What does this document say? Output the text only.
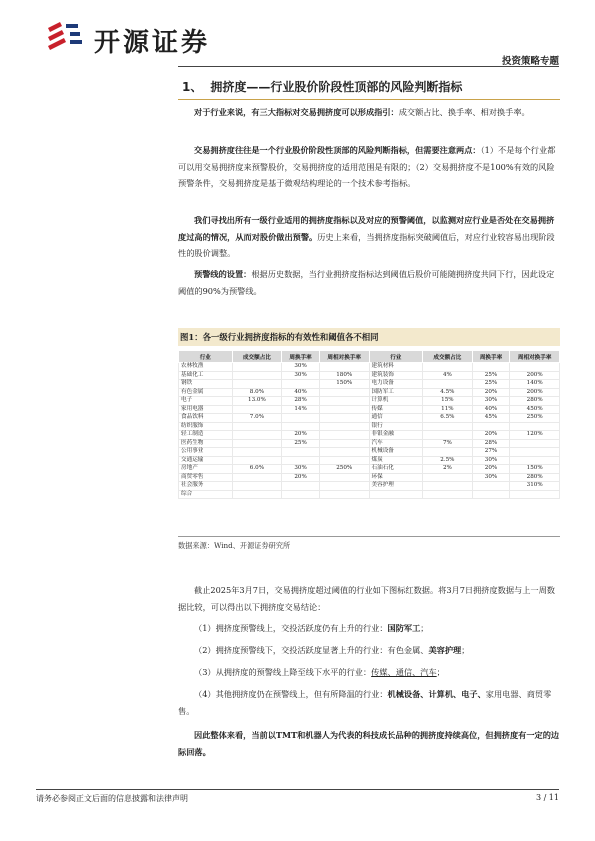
开源证券
投资策略专题
1、 拥挤度——行业股价阶段性顶部的风险判断指标
对于行业来说，有三大指标对交易拥挤度可以形成指引：成交额占比、换手率、相对换手率。
交易拥挤度往往是一个行业股价阶段性顶部的风险判断指标，但需要注意两点：（1）不是每个行业都可以用交易拥挤度来预警股价，交易拥挤度的适用范围是有限的；（2）交易拥挤度不是100%有效的风险预警条件，交易拥挤度是基于微观结构理论的一个技术参考指标。
我们寻找出所有一级行业适用的拥挤度指标以及对应的预警阈值，以监测对应行业是否处在交易拥挤度过高的情况，从而对股价做出预警。历史上来看，当拥挤度指标突破阈值后，对应行业较容易出现阶段性的股价调整。
预警线的设置：根据历史数据，当行业拥挤度指标达到阈值后股价可能随拥挤度共同下行，因此设定阈值的90%为预警线。
图1：各一级行业拥挤度指标的有效性和阈值各不相同
行业	成交额占比	周换手率	周相对换手率	行业	成交额占比	周换手率	周相对换手率
农林牧渔		30%		建筑材料			
基础化工		30%	180%	建筑装饰	4%	25%	200%
钢铁			150%	电力设备		25%	140%
有色金属	8.0%	40%		国防军工	4.5%	20%	200%
电子	13.0%	28%		计算机	15%	30%	280%
家用电器		14%		传媒	11%	40%	450%
食品饮料	7.0%			通信	6.5%	45%	250%
纺织服饰				银行			
轻工制造		20%		非银金融		20%	120%
医药生物		25%		汽车	7%	28%	
公用事业				机械设备		27%	
交通运输				煤炭	2.5%	30%	
房地产	6.0%	30%	250%	石油石化	2%	20%	150%
商贸零售		20%		环保		30%	280%
社会服务				美容护理			310%
综合							
数据来源：Wind、开源证券研究所
截止2025年3月7日，交易拥挤度超过阈值的行业如下图标红数据。将3月7日拥挤度数据与上一周数据比较，可以得出以下拥挤度交易结论：
（1）拥挤度预警线上，交投活跃度仍有上升的行业：国防军工；
（2）拥挤度预警线下，交投活跃度显著上升的行业：有色金属、美容护理；
（3）从拥挤度的预警线上降至线下水平的行业：传媒、通信、汽车；
（4）其他拥挤度仍在预警线上，但有所降温的行业：机械设备、计算机、电子、家用电器、商贸零售。
因此整体来看，当前以TMT和机器人为代表的科技成长品种的拥挤度持续高位，但拥挤度有一定的边际回落。
请务必参阅正文后面的信息披露和法律声明	3 / 11
